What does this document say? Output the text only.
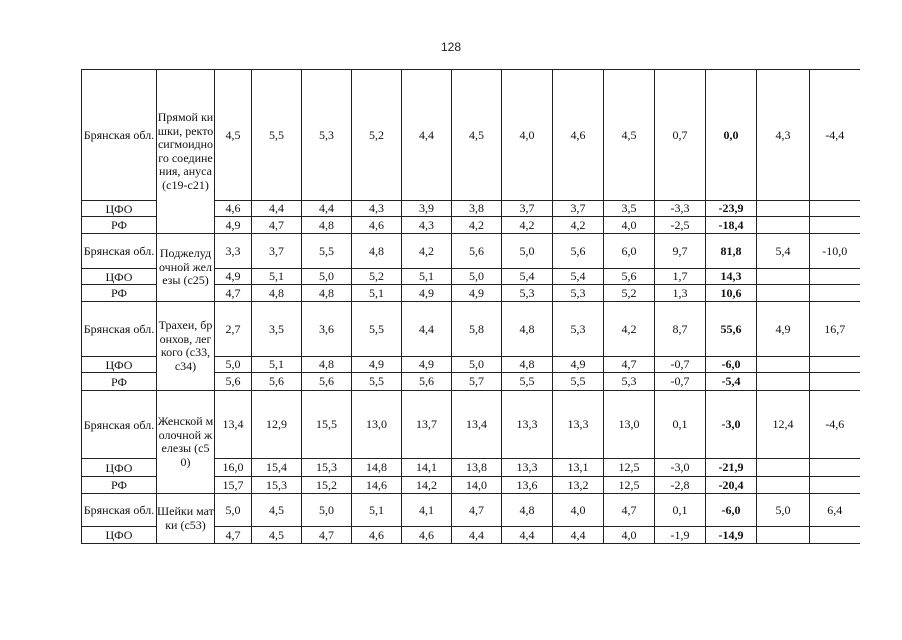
128
Брянская обл.	Прямой кишки, ректосигмоидного соединения, ануса (с19-с21)	4,5	5,5	5,3	5,2	4,4	4,5	4,0	4,6	4,5	0,7	0,0	4,3	-4,4
ЦФО		4,6	4,4	4,4	4,3	3,9	3,8	3,7	3,7	3,5	-3,3	-23,9		
РФ		4,9	4,7	4,8	4,6	4,3	4,2	4,2	4,2	4,0	-2,5	-18,4		
Брянская обл.	Поджелудочной железы (с25)	3,3	3,7	5,5	4,8	4,2	5,6	5,0	5,6	6,0	9,7	81,8	5,4	-10,0
ЦФО		4,9	5,1	5,0	5,2	5,1	5,0	5,4	5,4	5,6	1,7	14,3		
РФ		4,7	4,8	4,8	5,1	4,9	4,9	5,3	5,3	5,2	1,3	10,6		
Брянская обл.	Трахеи, бронхов, легкого (с33, с34)	2,7	3,5	3,6	5,5	4,4	5,8	4,8	5,3	4,2	8,7	55,6	4,9	16,7
ЦФО		5,0	5,1	4,8	4,9	4,9	5,0	4,8	4,9	4,7	-0,7	-6,0		
РФ		5,6	5,6	5,6	5,5	5,6	5,7	5,5	5,5	5,3	-0,7	-5,4		
Брянская обл.	Женской молочной железы (с50)	13,4	12,9	15,5	13,0	13,7	13,4	13,3	13,3	13,0	0,1	-3,0	12,4	-4,6
ЦФО		16,0	15,4	15,3	14,8	14,1	13,8	13,3	13,1	12,5	-3,0	-21,9		
РФ		15,7	15,3	15,2	14,6	14,2	14,0	13,6	13,2	12,5	-2,8	-20,4		
Брянская обл.	Шейки матки (с53)	5,0	4,5	5,0	5,1	4,1	4,7	4,8	4,0	4,7	0,1	-6,0	5,0	6,4
ЦФО		4,7	4,5	4,7	4,6	4,6	4,4	4,4	4,4	4,0	-1,9	-14,9		
